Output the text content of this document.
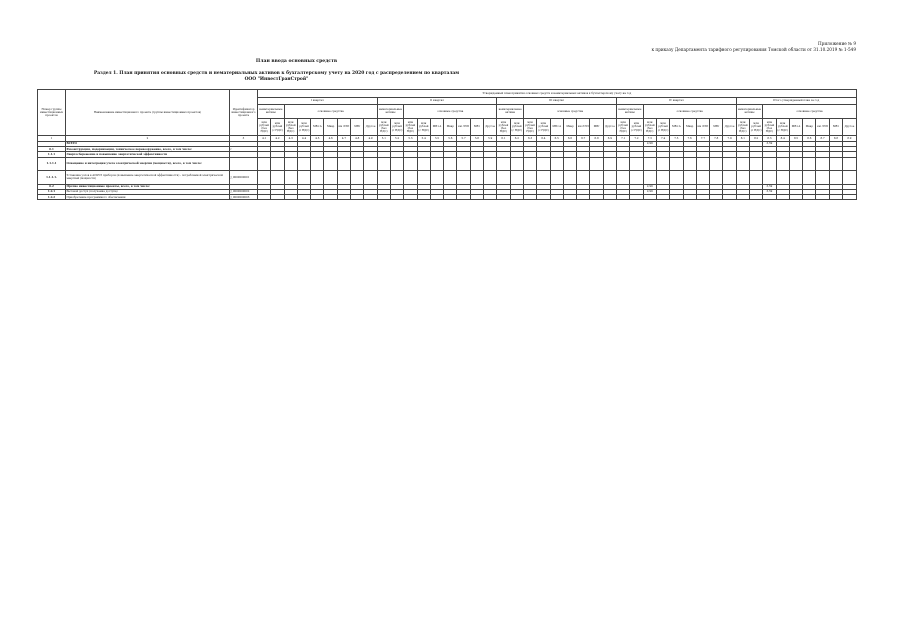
Приложение № 9
к приказу Департамента тарифного регулирования Томской области от 31.10.2019 № 1-549
План ввода основных средств
Раздел 1. План принятия основных средств и нематериальных активов к бухгалтерскому учету на 2020 год с распределением по кварталам
ООО "ИнвестГранСтрой"
Номер группы инвестиционных проектов	Наименование инвестиционного проекта (группы инвестиционных проектов)	Идентификатор инвестиционного проекта	Утвержденный план принятия основных средств и нематериальных активов к бухгалтерскому учету на год																																												
			I квартал									II квартал									III квартал									IV квартал									Итого утвержденный план за год								
			нематериальные активы		основные средства							нематериальные активы		основные средства							нематериальные активы		основные средства							нематериальные активы		основные средства							нематериальные активы		основные средства						
			млн рублей (без НДС)	млн рублей (с НДС)	млн рублей (без НДС)	млн рублей (с НДС)	МВ×А	Мвар	км ЛЭП	МВт	Другое	млн рублей (без НДС)	млн рублей (с НДС)	млн рублей (без НДС)	млн рублей (с НДС)	МВ×А	Мвар	км ЛЭП	МВт	Другое	млн рублей (без НДС)	млн рублей (с НДС)	млн рублей (без НДС)	млн рублей (с НДС)	МВ×А	Мвар	км ЛЭП	МВт	Другое	млн рублей (без НДС)	млн рублей (с НДС)	млн рублей (без НДС)	млн рублей (с НДС)	МВ×А	Мвар	км ЛЭП	МВт	Другое	млн рублей (без НДС)	млн рублей (с НДС)	млн рублей (без НДС)	млн рублей (с НДС)	МВ×А	Мвар	км ЛЭП	МВт	Другое
1	2	3	4.1	4.2	4.3	4.4	4.5	4.6	4.7	4.8	4.9	5.1	5.2	5.3	5.4	5.5	5.6	5.7	5.8	5.9	6.1	6.2	6.3	6.4	6.5	6.6	6.7	6.8	6.9	7.1	7.2	7.3	7.4	7.5	7.6	7.7	7.8	7.9	8.1	8.2	8.3	8.4	8.5	8.6	8.7	8.8	8.9
	ВСЕГО																															2,99									3,59						
0.1	Реконструкция, модернизация, техническое перевооружение, всего, в том числе:	г																																													
1.1.1	Энергосбережение и повышение энергетической эффективности																																														
1.1.1.1	Оснащение и интеграция учета электрической энергии (мощности), всего, в том числе:																																														
1.1.1.1.	Установка узлов в АСКУЭ приборов (повышение энергетической эффективности) - потребляемой электрической энергией (мощности)	J_0000000001																																													
0.2	Прочие инвестиционные проекты, всего, в том числе:																															2,99									3,59						
1.2.1	Бытовой доступ (получение доступа)	J_0000000002																														2,99									3,59						
1.2.2	Приобретение программного обеспечения	J_0000000003																																													
